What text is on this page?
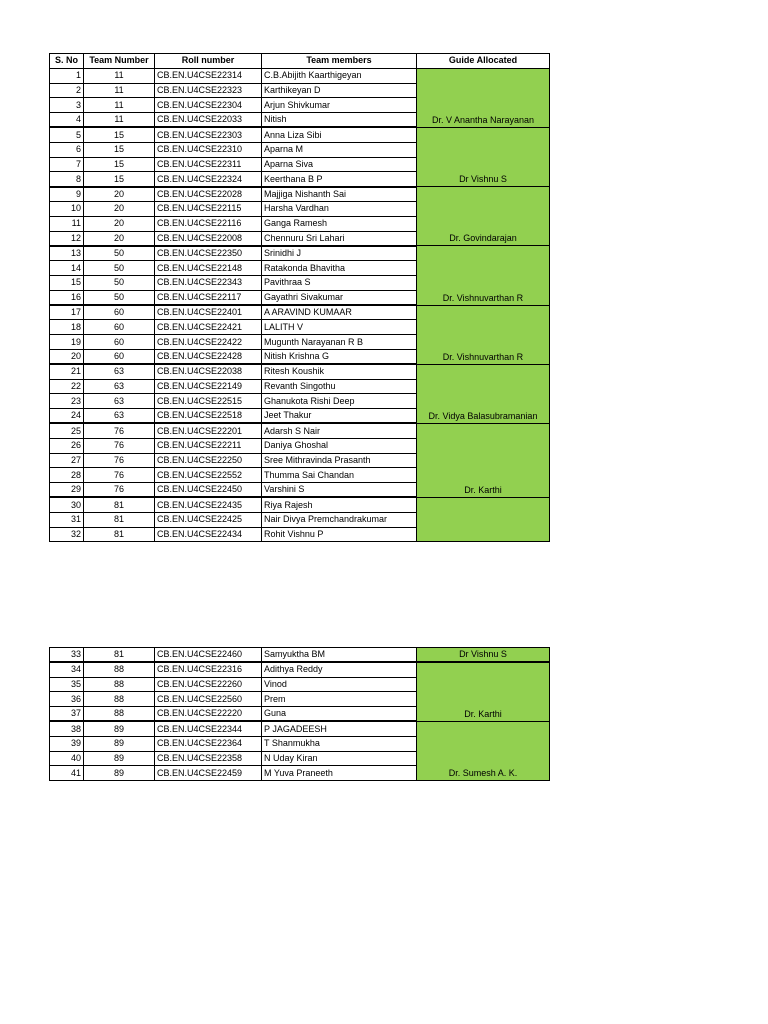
S. No	Team Number	Roll number	Team members	Guide Allocated
1	11	CB.EN.U4CSE22314	C.B.Abijith Kaarthigeyan	Dr. V Anantha Narayanan
2	11	CB.EN.U4CSE22323	Karthikeyan D	
3	11	CB.EN.U4CSE22304	Arjun Shivkumar	
4	11	CB.EN.U4CSE22033	Nitish	
5	15	CB.EN.U4CSE22303	Anna Liza Sibi	Dr Vishnu S
6	15	CB.EN.U4CSE22310	Aparna M	
7	15	CB.EN.U4CSE22311	Aparna Siva	
8	15	CB.EN.U4CSE22324	Keerthana B P	
9	20	CB.EN.U4CSE22028	Majjiga Nishanth Sai	Dr. Govindarajan
10	20	CB.EN.U4CSE22115	Harsha Vardhan	
11	20	CB.EN.U4CSE22116	Ganga Ramesh	
12	20	CB.EN.U4CSE22008	Chennuru Sri Lahari	
13	50	CB.EN.U4CSE22350	Srinidhi J	Dr. Vishnuvarthan R
14	50	CB.EN.U4CSE22148	Ratakonda Bhavitha	
15	50	CB.EN.U4CSE22343	Pavithraa S	
16	50	CB.EN.U4CSE22117	Gayathri Sivakumar	
17	60	CB.EN.U4CSE22401	A ARAVIND KUMAAR	Dr. Vishnuvarthan R
18	60	CB.EN.U4CSE22421	LALITH V	
19	60	CB.EN.U4CSE22422	Mugunth Narayanan R B	
20	60	CB.EN.U4CSE22428	Nitish Krishna G	
21	63	CB.EN.U4CSE22038	Ritesh Koushik	Dr. Vidya Balasubramanian
22	63	CB.EN.U4CSE22149	Revanth Singothu	
23	63	CB.EN.U4CSE22515	Ghanukota Rishi Deep	
24	63	CB.EN.U4CSE22518	Jeet Thakur	
25	76	CB.EN.U4CSE22201	Adarsh S Nair	Dr. Karthi
26	76	CB.EN.U4CSE22211	Daniya Ghoshal	
27	76	CB.EN.U4CSE22250	Sree Mithravinda Prasanth	
28	76	CB.EN.U4CSE22552	Thumma Sai Chandan	
29	76	CB.EN.U4CSE22450	Varshini S	
30	81	CB.EN.U4CSE22435	Riya Rajesh	
31	81	CB.EN.U4CSE22425	Nair Divya Premchandrakumar	
32	81	CB.EN.U4CSE22434	Rohit Vishnu P	
33	81	CB.EN.U4CSE22460	Samyuktha BM	Dr Vishnu S
34	88	CB.EN.U4CSE22316	Adithya Reddy	Dr. Karthi
35	88	CB.EN.U4CSE22260	Vinod	
36	88	CB.EN.U4CSE22560	Prem	
37	88	CB.EN.U4CSE22220	Guna	
38	89	CB.EN.U4CSE22344	P JAGADEESH	Dr. Sumesh A. K.
39	89	CB.EN.U4CSE22364	T Shanmukha	
40	89	CB.EN.U4CSE22358	N Uday Kiran	
41	89	CB.EN.U4CSE22459	M Yuva Praneeth	
